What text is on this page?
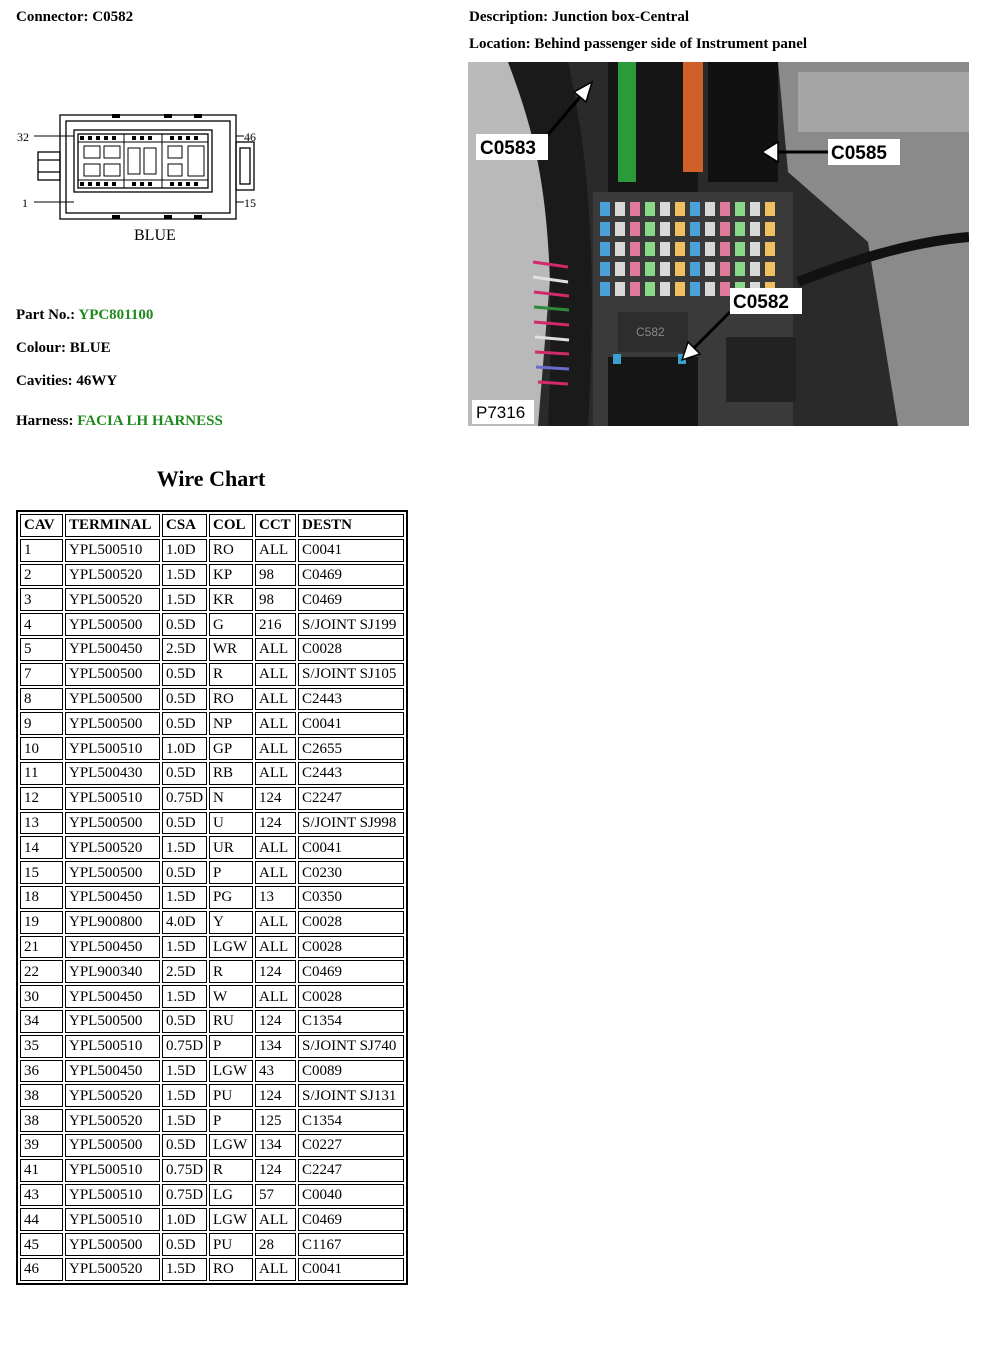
Connector: C0582	Description: Junction box-Central
Location: Behind passenger side of Instrument panel
32
1
46
15
BLUE
C582
C0583	C0585
C0582
P7316
Part No.: YPC801100
Colour: BLUE
Cavities: 46WY
Harness: FACIA LH HARNESS
Wire Chart
CAV	TERMINAL	CSA	COL	CCT	DESTN
1	YPL500510	1.0D	RO	ALL	C0041
2	YPL500520	1.5D	KP	98	C0469
3	YPL500520	1.5D	KR	98	C0469
4	YPL500500	0.5D	G	216	S/JOINT SJ199
5	YPL500450	2.5D	WR	ALL	C0028
7	YPL500500	0.5D	R	ALL	S/JOINT SJ105
8	YPL500500	0.5D	RO	ALL	C2443
9	YPL500500	0.5D	NP	ALL	C0041
10	YPL500510	1.0D	GP	ALL	C2655
11	YPL500430	0.5D	RB	ALL	C2443
12	YPL500510	0.75D	N	124	C2247
13	YPL500500	0.5D	U	124	S/JOINT SJ998
14	YPL500520	1.5D	UR	ALL	C0041
15	YPL500500	0.5D	P	ALL	C0230
18	YPL500450	1.5D	PG	13	C0350
19	YPL900800	4.0D	Y	ALL	C0028
21	YPL500450	1.5D	LGW	ALL	C0028
22	YPL900340	2.5D	R	124	C0469
30	YPL500450	1.5D	W	ALL	C0028
34	YPL500500	0.5D	RU	124	C1354
35	YPL500510	0.75D	P	134	S/JOINT SJ740
36	YPL500450	1.5D	LGW	43	C0089
38	YPL500520	1.5D	PU	124	S/JOINT SJ131
38	YPL500520	1.5D	P	125	C1354
39	YPL500500	0.5D	LGW	134	C0227
41	YPL500510	0.75D	R	124	C2247
43	YPL500510	0.75D	LG	57	C0040
44	YPL500510	1.0D	LGW	ALL	C0469
45	YPL500500	0.5D	PU	28	C1167
46	YPL500520	1.5D	RO	ALL	C0041
